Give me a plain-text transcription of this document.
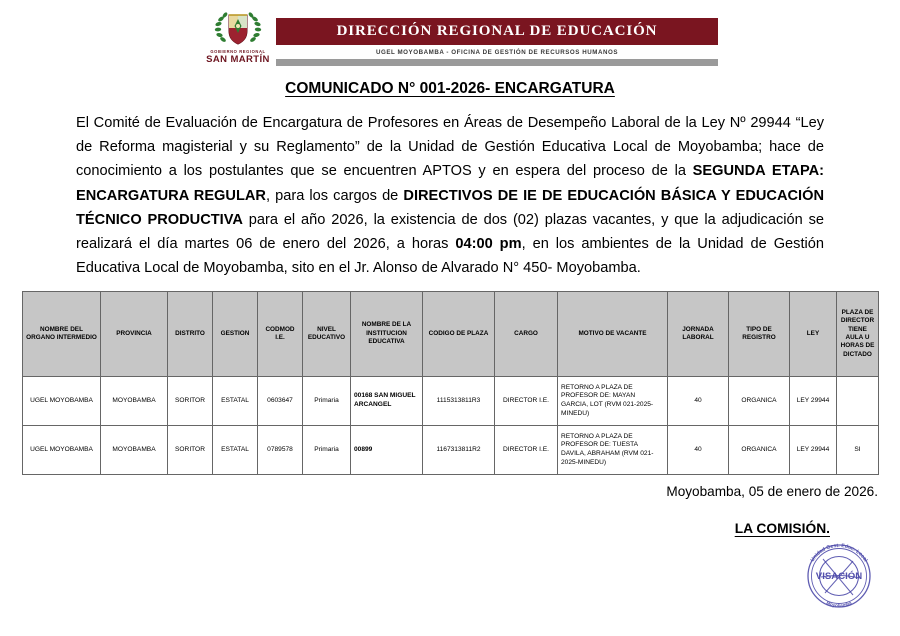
GOBIERNO REGIONAL
SAN MARTÍN
DIRECCIÓN REGIONAL DE EDUCACIÓN
UGEL MOYOBAMBA - OFICINA DE GESTIÓN DE RECURSOS HUMANOS
COMUNICADO N° 001-2026- ENCARGATURA
El Comité de Evaluación de Encargatura de Profesores en Áreas de Desempeño Laboral de la Ley Nº 29944 “Ley de Reforma magisterial y su Reglamento” de la Unidad de Gestión Educativa Local de Moyobamba; hace de conocimiento a los postulantes que se encuentren APTOS y en espera del proceso de la SEGUNDA ETAPA: ENCARGATURA REGULAR, para los cargos de DIRECTIVOS DE IE DE EDUCACIÓN BÁSICA Y EDUCACIÓN TÉCNICO PRODUCTIVA para el año 2026, la existencia de dos (02) plazas vacantes, y que la adjudicación se realizará el día martes 06 de enero del 2026, a horas 04:00 pm, en los ambientes de la Unidad de Gestión Educativa Local de Moyobamba, sito en el Jr. Alonso de Alvarado N° 450- Moyobamba.
NOMBRE DEL ORGANO INTERMEDIO	PROVINCIA	DISTRITO	GESTION	CODMOD I.E.	NIVEL EDUCATIVO	NOMBRE DE LA INSTITUCION EDUCATIVA	CODIGO DE PLAZA	CARGO	MOTIVO DE VACANTE	JORNADA LABORAL	TIPO DE REGISTRO	LEY	PLAZA DE DIRECTOR TIENE AULA U HORAS DE DICTADO
UGEL MOYOBAMBA	MOYOBAMBA	SORITOR	ESTATAL	0603647	Primaria	00168 SAN MIGUEL ARCANGEL	1115313811R3	DIRECTOR I.E.	RETORNO A PLAZA DE PROFESOR DE: MAYAN GARCIA, LOT (RVM 021-2025-MINEDU)	40	ORGANICA	LEY 29944	
UGEL MOYOBAMBA	MOYOBAMBA	SORITOR	ESTATAL	0789578	Primaria	00899	1167313811R2	DIRECTOR I.E.	RETORNO A PLAZA DE PROFESOR DE: TUESTA DAVILA, ABRAHAM (RVM 021-2025-MINEDU)	40	ORGANICA	LEY 29944	SI
Moyobamba, 05 de enero de 2026.
LA COMISIÓN.
Unidad Gest. Educ. Local
Moyobamba
VISACIÓN
